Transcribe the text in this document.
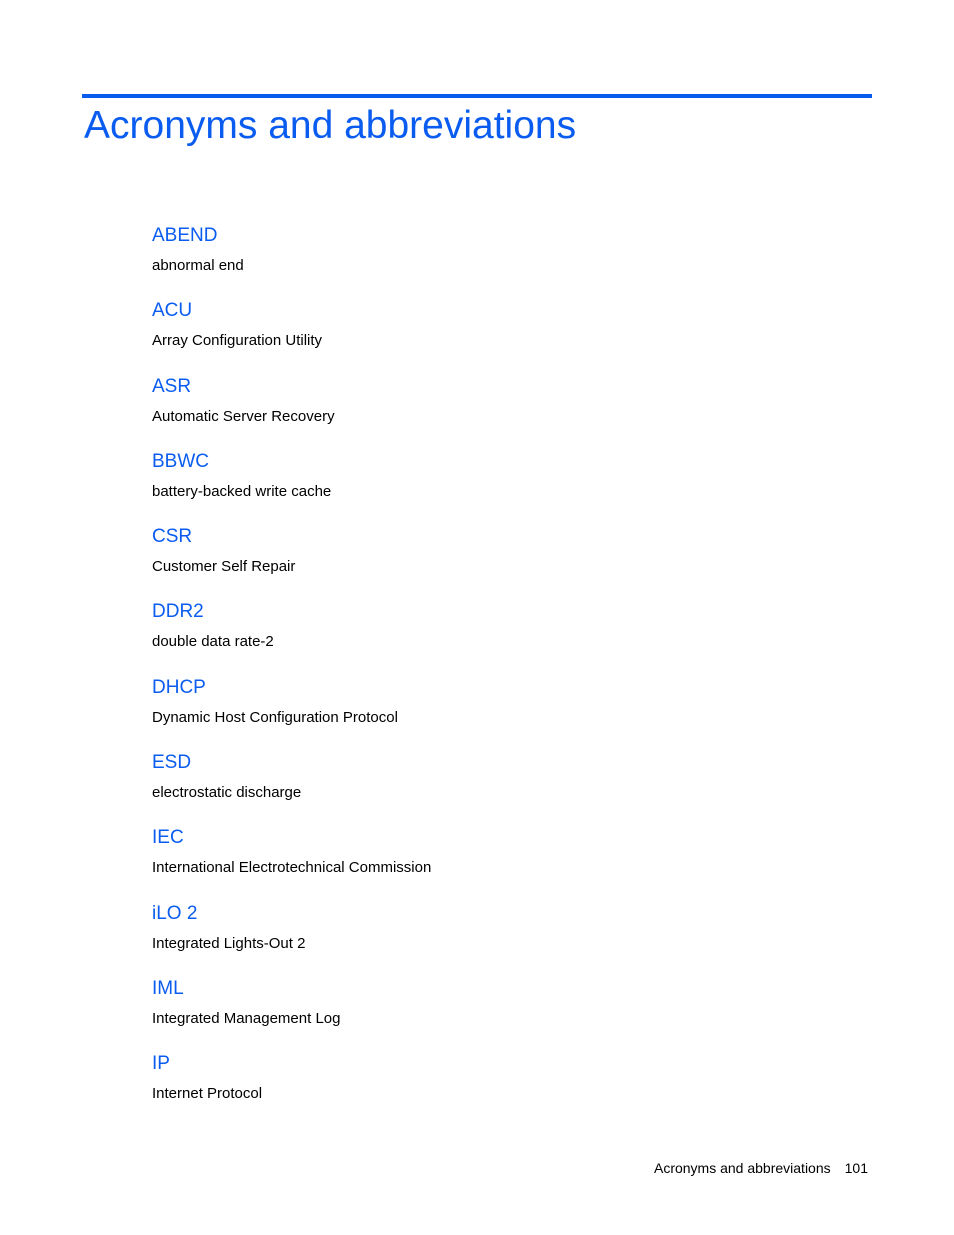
Acronyms and abbreviations
ABEND
abnormal end
ACU
Array Configuration Utility
ASR
Automatic Server Recovery
BBWC
battery-backed write cache
CSR
Customer Self Repair
DDR2
double data rate-2
DHCP
Dynamic Host Configuration Protocol
ESD
electrostatic discharge
IEC
International Electrotechnical Commission
iLO 2
Integrated Lights-Out 2
IML
Integrated Management Log
IP
Internet Protocol
Acronyms and abbreviations 101
